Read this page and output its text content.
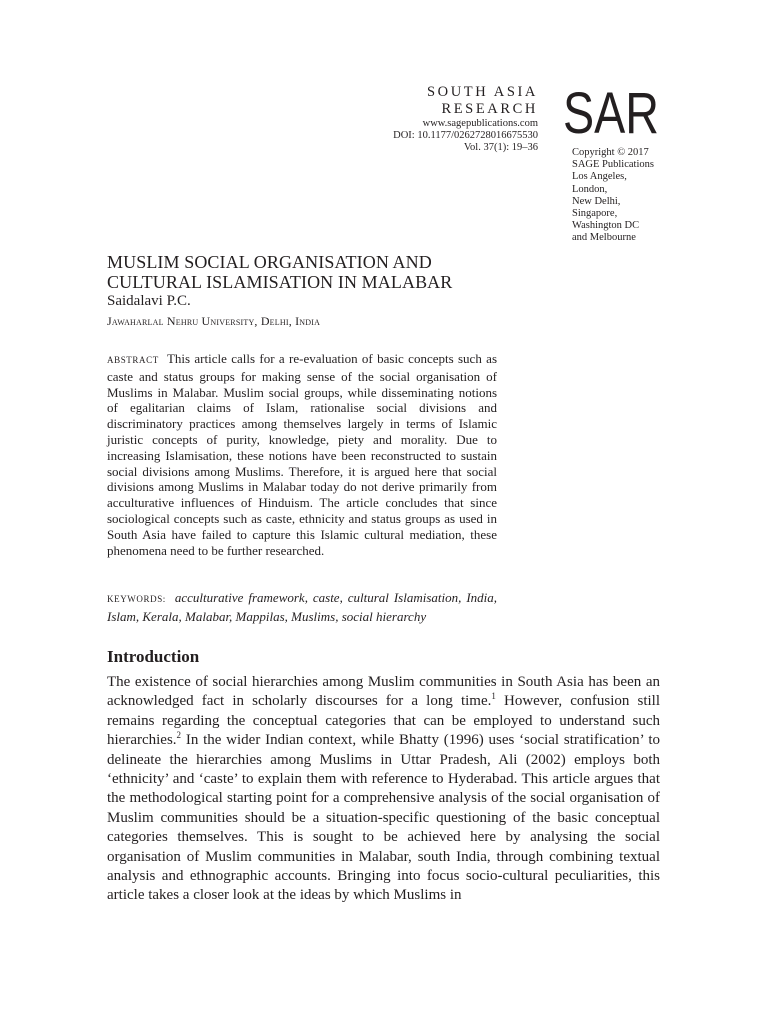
SOUTH ASIA
RESEARCH
www.sagepublications.com
DOI: 10.1177/0262728016675530
Vol. 37(1): 19–36
SAR
Copyright © 2017
SAGE Publications
Los Angeles,
London,
New Delhi,
Singapore,
Washington DC
and Melbourne
MUSLIM SOCIAL ORGANISATION AND
CULTURAL ISLAMISATION IN MALABAR
Saidalavi P.C.
Jawaharlal Nehru University, Delhi, India

ABSTRACT This article calls for a re-evaluation of basic concepts such as caste and status groups for making sense of the social organisation of Muslims in Malabar. Muslim social groups, while disseminating notions of egalitarian claims of Islam, rationalise social divisions and discriminatory practices among themselves largely in terms of Islamic juristic concepts of purity, knowledge, piety and morality. Due to increasing Islamisation, these notions have been reconstructed to sustain social divisions among Muslims. Therefore, it is argued here that social divisions among Muslims in Malabar today do not derive primarily from acculturative influences of Hinduism. The article concludes that since sociological concepts such as caste, ethnicity and status groups as used in South Asia have failed to capture this Islamic cultural mediation, these phenomena need to be further researched.

KEYWORDS: acculturative framework, caste, cultural Islamisation, India, Islam, Kerala, Malabar, Mappilas, Muslims, social hierarchy

Introduction

The existence of social hierarchies among Muslim communities in South Asia has been an acknowledged fact in scholarly discourses for a long time.$^1$ However, confusion still remains regarding the conceptual categories that can be employed to understand such hierarchies.$^2$ In the wider Indian context, while Bhatty (1996) uses ‘social stratification’ to delineate the hierarchies among Muslims in Uttar Pradesh, Ali (2002) employs both ‘ethnicity’ and ‘caste’ to explain them with reference to Hyderabad. This article argues that the methodological starting point for a comprehensive analysis of the social organisation of Muslim communities should be a situation-specific questioning of the basic conceptual categories themselves. This is sought to be achieved here by analysing the social organisation of Muslim communities in Malabar, south India, through combining textual analysis and ethnographic accounts. Bringing into focus socio-cultural peculiarities, this article takes a closer look at the ideas by which Muslims in
